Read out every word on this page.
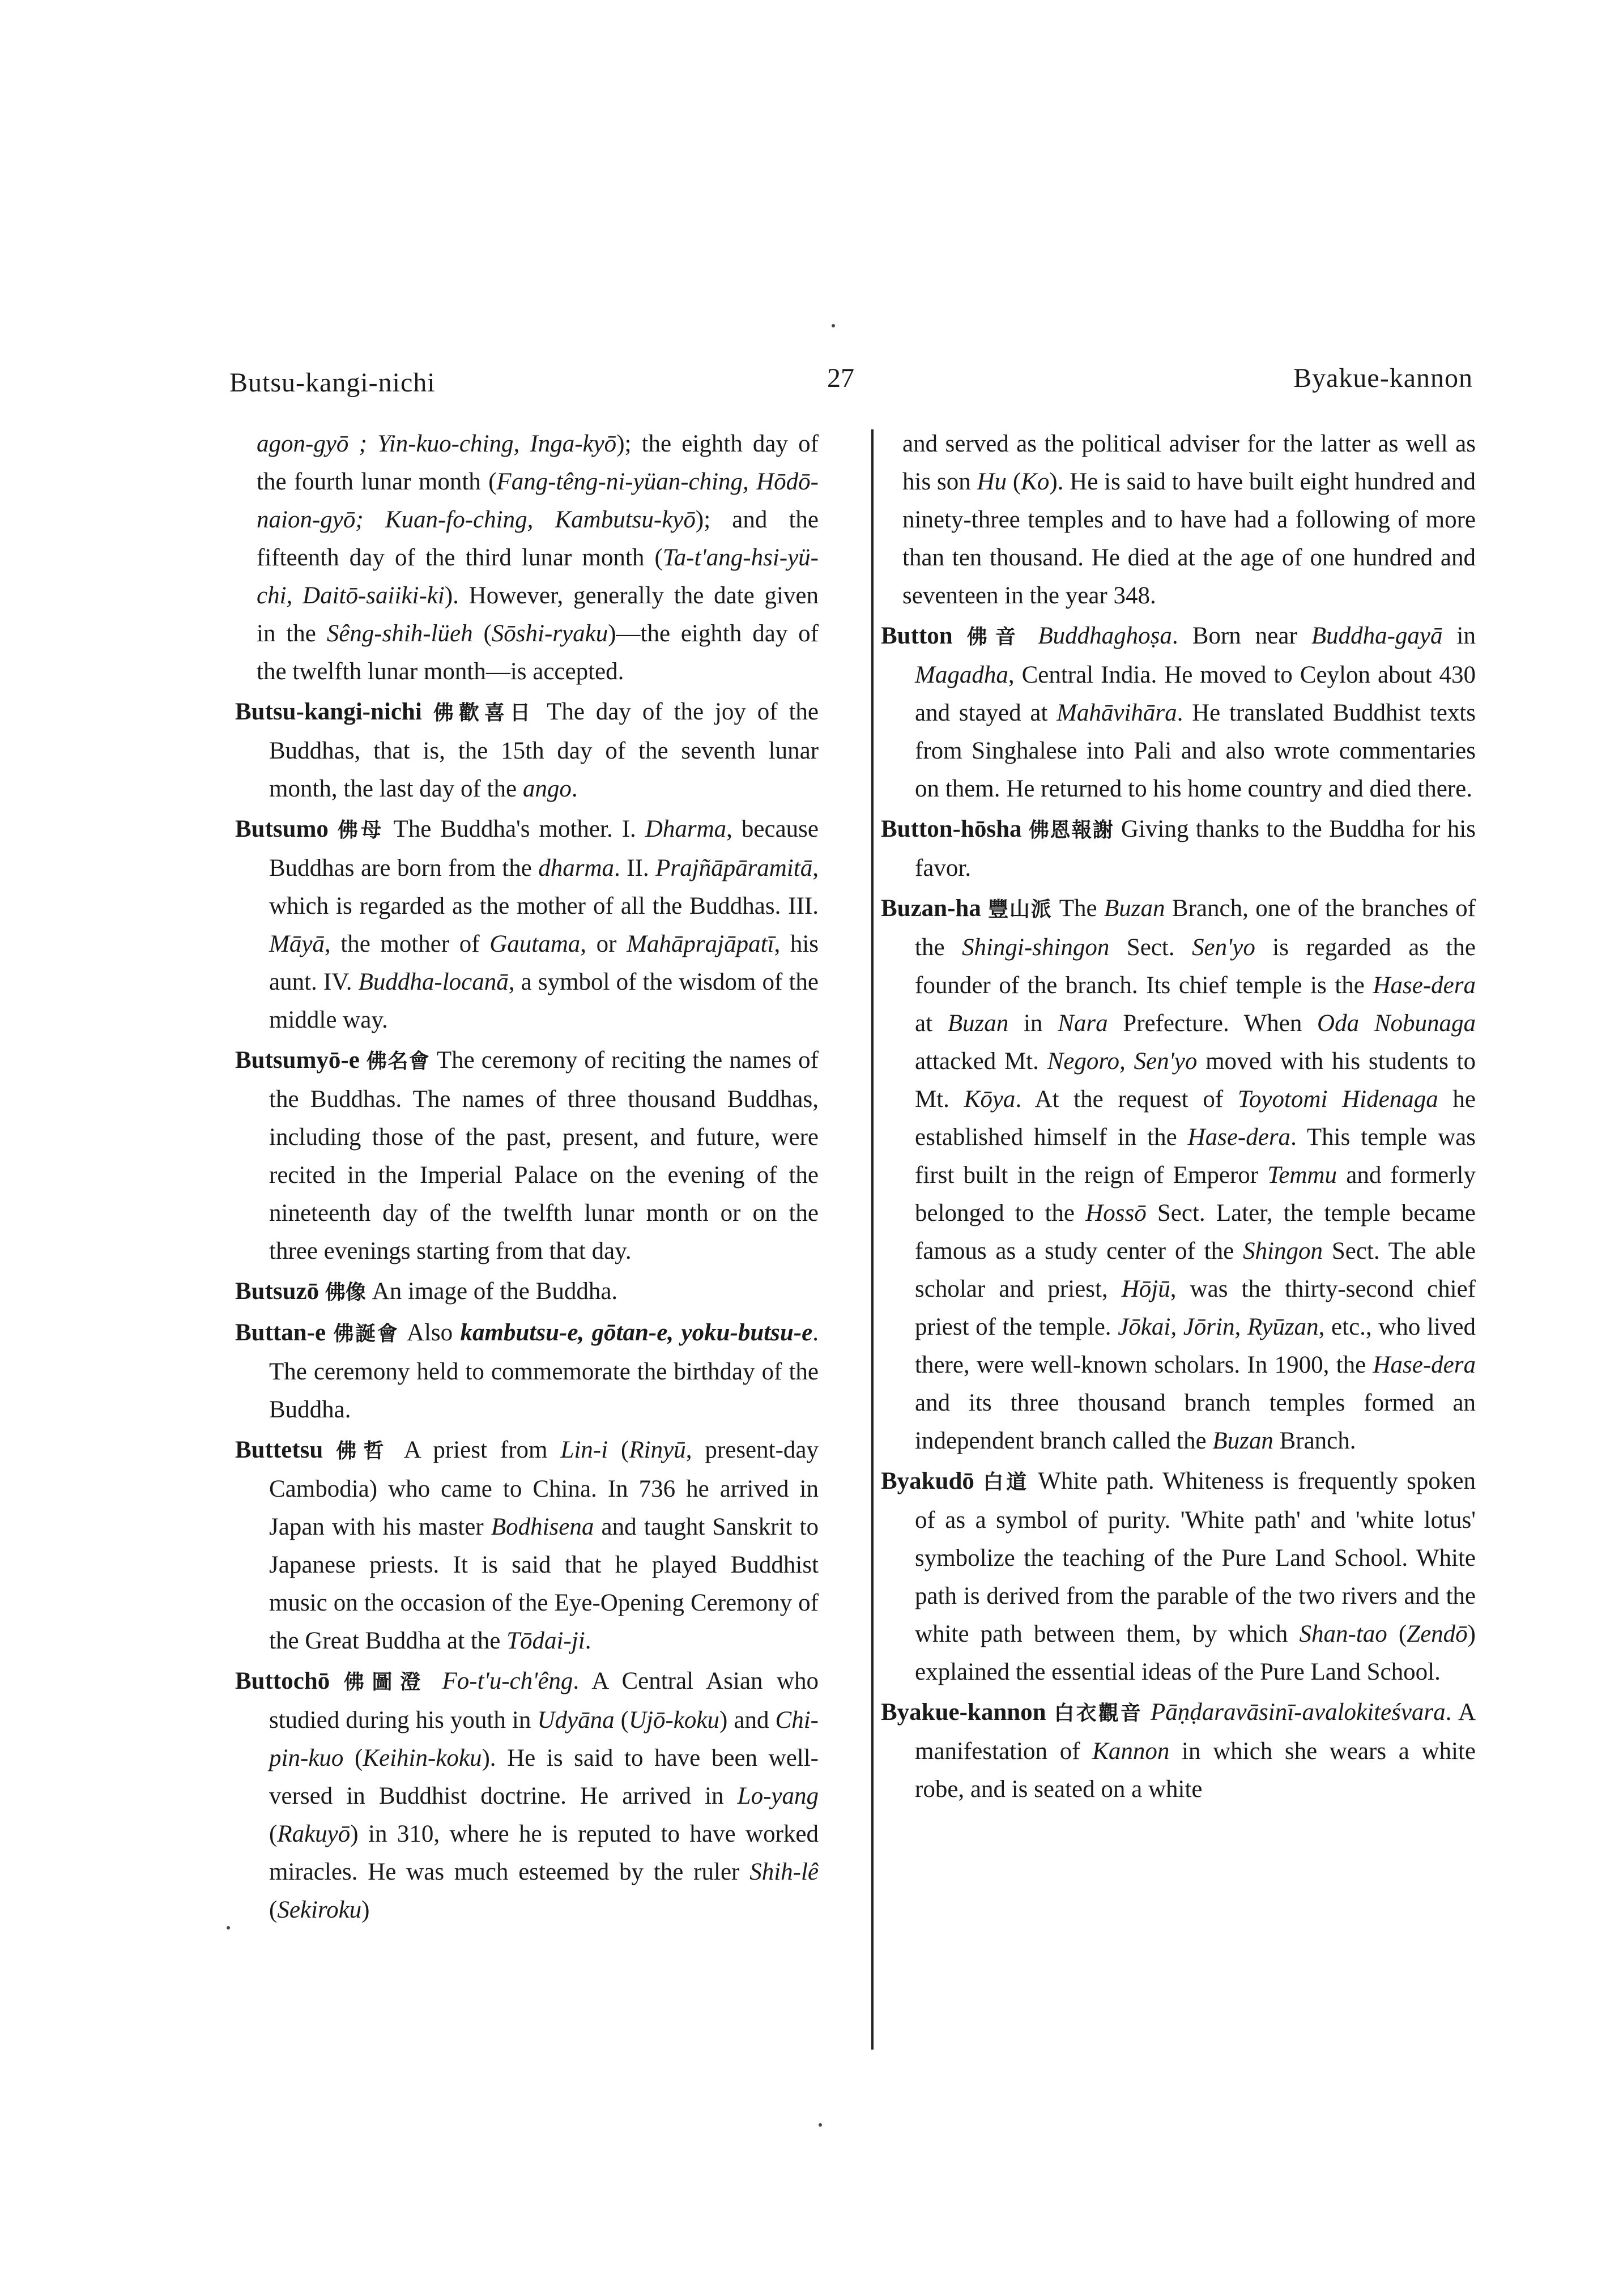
Butsu-kangi-nichi	27	Byakue-kannon

agon-gyō ; Yin-kuo-ching, Inga-kyō); the eighth day of the fourth lunar month (Fang-têng-ni-yüan-ching, Hōdō-naion-gyō; Kuan-fo-ching, Kambutsu-kyō); and the fifteenth day of the third lunar month (Ta-t'ang-hsi-yü-chi, Daitō-saiiki-ki). However, generally the date given in the Sêng-shih-lüeh (Sōshi-ryaku)—the eighth day of the twelfth lunar month—is accepted.

Butsu-kangi-nichi 佛歡喜日 The day of the joy of the Buddhas, that is, the 15th day of the seventh lunar month, the last day of the ango.

Butsumo 佛母 The Buddha's mother. I. Dharma, because Buddhas are born from the dharma. II. Prajñāpāramitā, which is regarded as the mother of all the Buddhas. III. Māyā, the mother of Gautama, or Mahāprajāpatī, his aunt. IV. Buddha-locanā, a symbol of the wisdom of the middle way.

Butsumyō-e 佛名會 The ceremony of reciting the names of the Buddhas. The names of three thousand Buddhas, including those of the past, present, and future, were recited in the Imperial Palace on the evening of the nineteenth day of the twelfth lunar month or on the three evenings starting from that day.

Butsuzō 佛像 An image of the Buddha.

Buttan-e 佛誕會 Also kambutsu-e, gōtan-e, yoku-butsu-e. The ceremony held to commemorate the birthday of the Buddha.

Buttetsu 佛哲 A priest from Lin-i (Rinyū, present-day Cambodia) who came to China. In 736 he arrived in Japan with his master Bodhisena and taught Sanskrit to Japanese priests. It is said that he played Buddhist music on the occasion of the Eye-Opening Ceremony of the Great Buddha at the Tōdai-ji.

Buttochō 佛圖澄 Fo-t'u-ch'êng. A Central Asian who studied during his youth in Udyāna (Ujō-koku) and Chi-pin-kuo (Keihin-koku). He is said to have been well-versed in Buddhist doctrine. He arrived in Lo-yang (Rakuyō) in 310, where he is reputed to have worked miracles. He was much esteemed by the ruler Shih-lê (Sekiroku)

and served as the political adviser for the latter as well as his son Hu (Ko). He is said to have built eight hundred and ninety-three temples and to have had a following of more than ten thousand. He died at the age of one hundred and seventeen in the year 348.

Button 佛音 Buddhaghoṣa. Born near Buddha-gayā in Magadha, Central India. He moved to Ceylon about 430 and stayed at Mahāvihāra. He translated Buddhist texts from Singhalese into Pali and also wrote commentaries on them. He returned to his home country and died there.

Button-hōsha 佛恩報謝 Giving thanks to the Buddha for his favor.

Buzan-ha 豐山派 The Buzan Branch, one of the branches of the Shingi-shingon Sect. Sen'yo is regarded as the founder of the branch. Its chief temple is the Hase-dera at Buzan in Nara Prefecture. When Oda Nobunaga attacked Mt. Negoro, Sen'yo moved with his students to Mt. Kōya. At the request of Toyotomi Hidenaga he established himself in the Hase-dera. This temple was first built in the reign of Emperor Temmu and formerly belonged to the Hossō Sect. Later, the temple became famous as a study center of the Shingon Sect. The able scholar and priest, Hōjū, was the thirty-second chief priest of the temple. Jōkai, Jōrin, Ryūzan, etc., who lived there, were well-known scholars. In 1900, the Hase-dera and its three thousand branch temples formed an independent branch called the Buzan Branch.

Byakudō 白道 White path. Whiteness is frequently spoken of as a symbol of purity. 'White path' and 'white lotus' symbolize the teaching of the Pure Land School. White path is derived from the parable of the two rivers and the white path between them, by which Shan-tao (Zendō) explained the essential ideas of the Pure Land School.

Byakue-kannon 白衣觀音 Pāṇḍaravāsinī-avalokiteśvara. A manifestation of Kannon in which she wears a white robe, and is seated on a white
